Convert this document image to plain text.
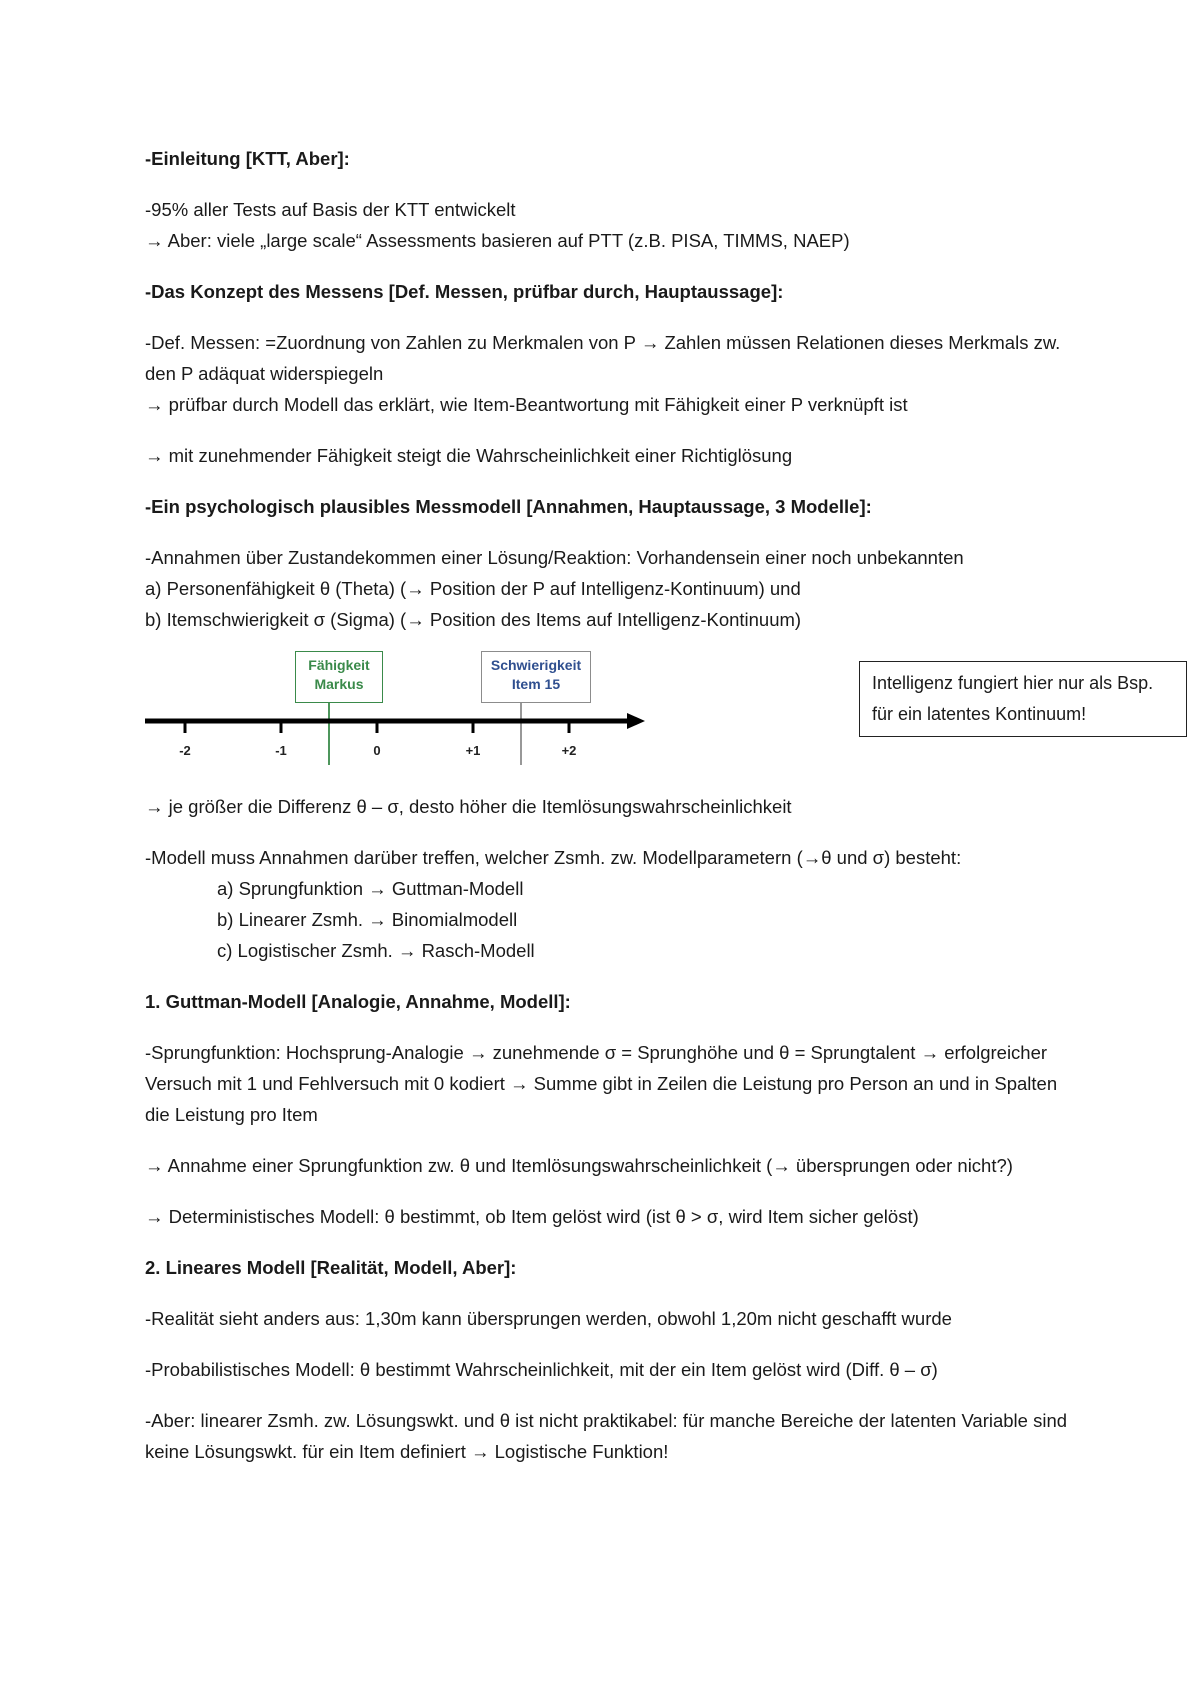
-Einleitung [KTT, Aber]:

-95% aller Tests auf Basis der KTT entwickelt

→ Aber: viele „large scale“ Assessments basieren auf PTT (z.B. PISA, TIMMS, NAEP)

-Das Konzept des Messens [Def. Messen, prüfbar durch, Hauptaussage]:

-Def. Messen: =Zuordnung von Zahlen zu Merkmalen von P → Zahlen müssen Relationen dieses Merkmals zw. den P adäquat widerspiegeln

→ prüfbar durch Modell das erklärt, wie Item-Beantwortung mit Fähigkeit einer P verknüpft ist

→ mit zunehmender Fähigkeit steigt die Wahrscheinlichkeit einer Richtiglösung

-Ein psychologisch plausibles Messmodell [Annahmen, Hauptaussage, 3 Modelle]:

-Annahmen über Zustandekommen einer Lösung/Reaktion: Vorhandensein einer noch unbekannten

a) Personenfähigkeit θ (Theta) (→ Position der P auf Intelligenz-Kontinuum) und

b) Itemschwierigkeit σ (Sigma) (→ Position des Items auf Intelligenz-Kontinuum)

-2	-1	0	+1	+2
Fähigkeit
Markus
Schwierigkeit
Item 15	Intelligenz fungiert hier nur als Bsp. für ein latentes Kontinuum!

→ je größer die Differenz θ – σ, desto höher die Itemlösungswahrscheinlichkeit

-Modell muss Annahmen darüber treffen, welcher Zsmh. zw. Modellparametern (→θ und σ) besteht:

a) Sprungfunktion → Guttman-Modell

b) Linearer Zsmh. → Binomialmodell

c) Logistischer Zsmh. → Rasch-Modell

1. Guttman-Modell [Analogie, Annahme, Modell]:

-Sprungfunktion: Hochsprung-Analogie → zunehmende σ = Sprunghöhe und θ = Sprungtalent → erfolgreicher Versuch mit 1 und Fehlversuch mit 0 kodiert → Summe gibt in Zeilen die Leistung pro Person an und in Spalten die Leistung pro Item

→ Annahme einer Sprungfunktion zw. θ und Itemlösungswahrscheinlichkeit (→ übersprungen oder nicht?)

→ Deterministisches Modell: θ bestimmt, ob Item gelöst wird (ist θ > σ, wird Item sicher gelöst)

2. Lineares Modell [Realität, Modell, Aber]:

-Realität sieht anders aus: 1,30m kann übersprungen werden, obwohl 1,20m nicht geschafft wurde

-Probabilistisches Modell: θ bestimmt Wahrscheinlichkeit, mit der ein Item gelöst wird (Diff. θ – σ)

-Aber: linearer Zsmh. zw. Lösungswkt. und θ ist nicht praktikabel: für manche Bereiche der latenten Variable sind keine Lösungswkt. für ein Item definiert → Logistische Funktion!
